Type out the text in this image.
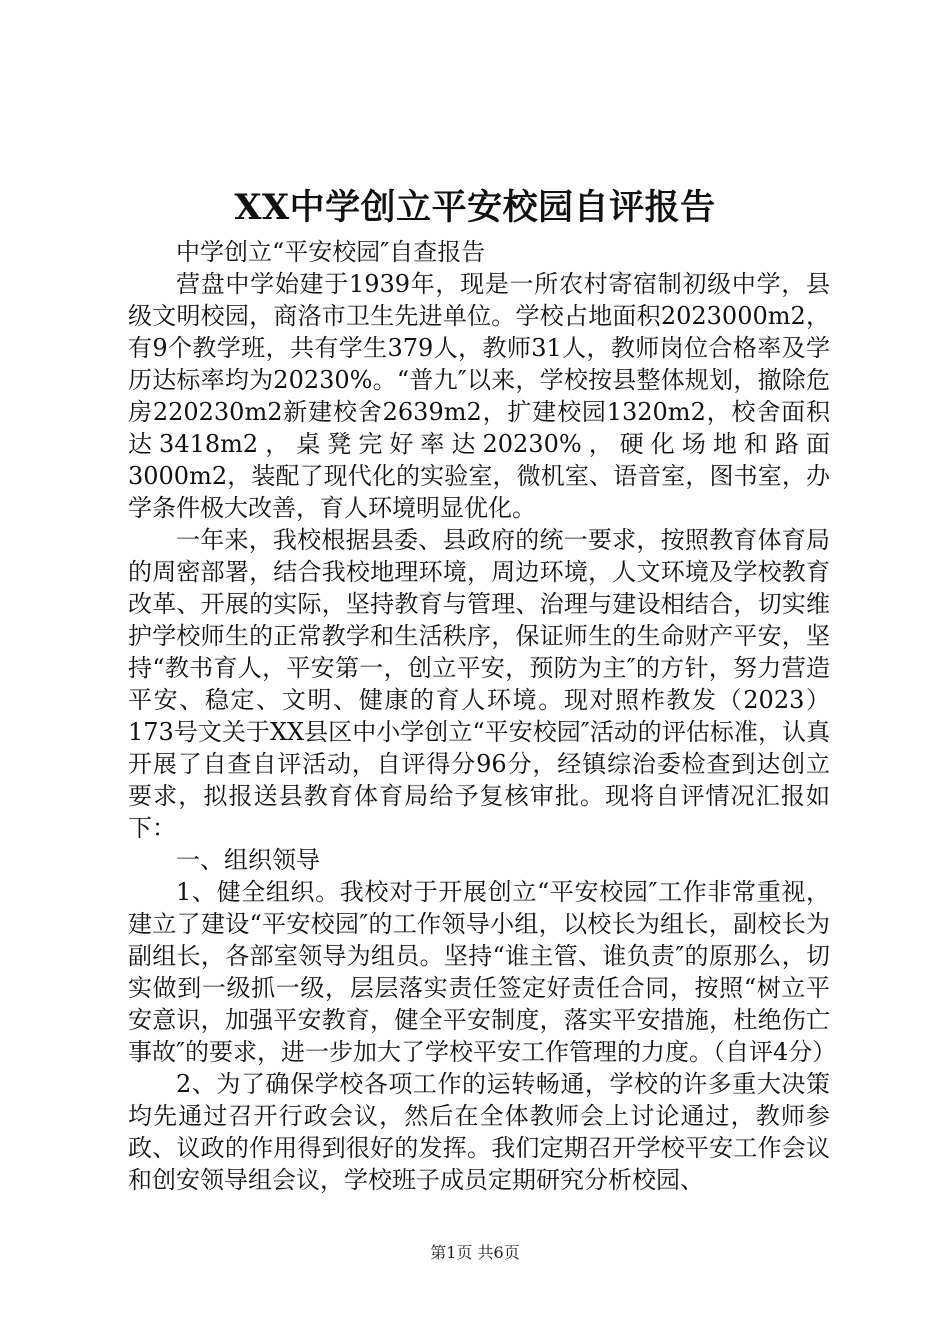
XX中学创立平安校园自评报告

中学创立“平安校园″自查报告

营盘中学始建于1939年，现是一所农村寄宿制初级中学，县级文明校园，商洛市卫生先进单位。学校占地面积2023000m2，有9个教学班，共有学生379人，教师31人，教师岗位合格率及学历达标率均为20230%。“普九″以来，学校按县整体规划，撤除危房220230m2新建校舍2639m2，扩建校园1320m2，校舍面积达3418m2，桌凳完好率达20230%，硬化场地和路面3000m2，装配了现代化的实验室，微机室、语音室，图书室，办学条件极大改善，育人环境明显优化。

一年来，我校根据县委、县政府的统一要求，按照教育体育局的周密部署，结合我校地理环境，周边环境，人文环境及学校教育改革、开展的实际，坚持教育与管理、治理与建设相结合，切实维护学校师生的正常教学和生活秩序，保证师生的生命财产平安，坚持“教书育人，平安第一，创立平安，预防为主″的方针，努力营造平安、稳定、文明、健康的育人环境。现对照柞教发（2023）173号文关于XX县区中小学创立“平安校园″活动的评估标准，认真开展了自查自评活动，自评得分96分，经镇综治委检查到达创立要求，拟报送县教育体育局给予复核审批。现将自评情况汇报如下：

一、组织领导

1、健全组织。我校对于开展创立“平安校园″工作非常重视，建立了建设“平安校园″的工作领导小组，以校长为组长，副校长为副组长，各部室领导为组员。坚持“谁主管、谁负责″的原那么，切实做到一级抓一级，层层落实责任签定好责任合同，按照“树立平安意识，加强平安教育，健全平安制度，落实平安措施，杜绝伤亡事故″的要求，进一步加大了学校平安工作管理的力度。（自评4分）

2、为了确保学校各项工作的运转畅通，学校的许多重大决策均先通过召开行政会议，然后在全体教师会上讨论通过，教师参政、议政的作用得到很好的发挥。我们定期召开学校平安工作会议和创安领导组会议，学校班子成员定期研究分析校园、

第1页 共6页
